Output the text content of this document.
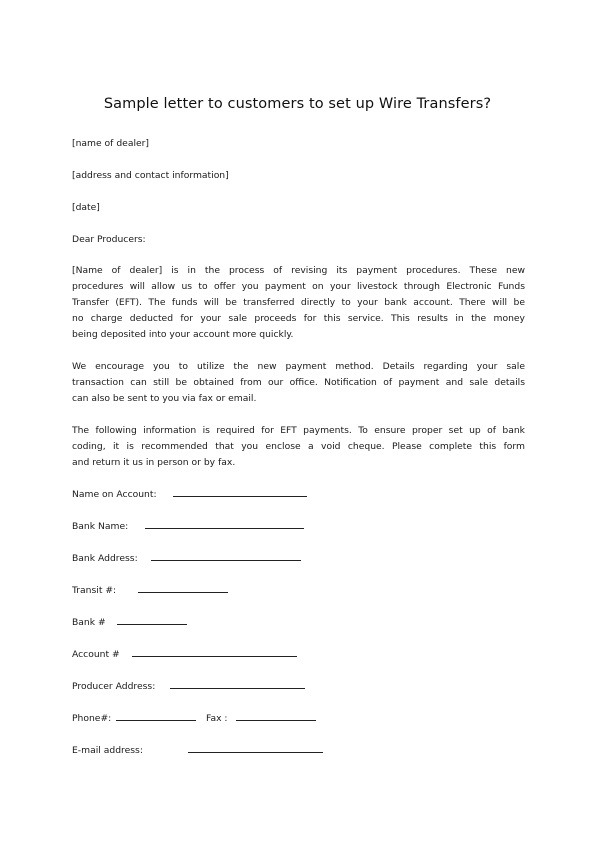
Sample letter to customers to set up Wire Transfers?
[name of dealer]
[address and contact information]
[date]
Dear Producers:
[Name of dealer] is in the process of revising its payment procedures. These new
procedures will allow us to offer you payment on your livestock through Electronic Funds
Transfer (EFT). The funds will be transferred directly to your bank account. There will be
no charge deducted for your sale proceeds for this service. This results in the money
being deposited into your account more quickly.
We encourage you to utilize the new payment method. Details regarding your sale
transaction can still be obtained from our office. Notification of payment and sale details
can also be sent to you via fax or email.
The following information is required for EFT payments. To ensure proper set up of bank
coding, it is recommended that you enclose a void cheque. Please complete this form
and return it us in person or by fax.
Name on Account:
Bank Name:
Bank Address:
Transit #:
Bank #
Account #
Producer Address:
Phone#:	Fax :
E-mail address:
